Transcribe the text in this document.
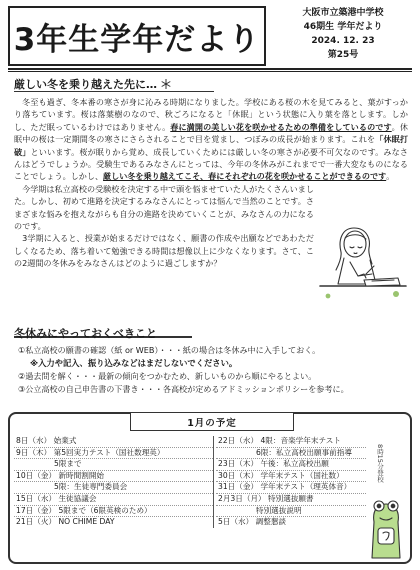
3年生学年だより
大阪市立築港中学校
46期生 学年だより
2024. 12. 23
第25号
厳しい冬を乗り越えた先に…

冬至も過ぎ、冬本番の寒さが身に沁みる時期になりました。学校にある桜の木を見てみると、葉がすっかり落ちています。桜は落葉樹のなので、秋ごろになると「休眠」という状態に入り葉を落とします。しかし、ただ眠っているわけではありません。春に満開の美しい花を咲かせるための準備をしているのです。休眠中の桜は一定期間冬の寒さにさらされることで目を覚まし、つぼみの成長が始まります。これを「休眠打破」といいます。桜が眠りから覚め、成長していくためには厳しい冬の寒さが必要不可欠なのです。みなさんはどうでしょうか。受験生であるみなさんにとっては、今年の冬休みがこれまでで一番大変なものになることでしょう。しかし、厳しい冬を乗り越えてこそ、春にそれぞれの花を咲かせることができるのです。

今学期は私立高校の受験校を決定する中で頭を悩ませていた人がたくさんいました。しかし、初めて進路を決定するみなさんにとっては悩んで当然のことです。さまざまな悩みを抱えながらも自分の進路を決めていくことが、みなさんの力になるのです。

3学期に入ると、授業が始まるだけではなく、願書の作成や出願などであわただしくなるため、落ち着いて勉強できる時間は想像以上に少なくなります。さて、この2週間の冬休みをみなさんはどのように過ごしますか？

冬休みにやっておくべきこと
①私立高校の願書の確認（紙 or WEB）・・・紙の場合は冬休み中に入手しておく。
※入力や記入、振り込みなどはまだしないでください。
②過去問を解く・・・最新の傾向をつかむため、新しいものから順にやるとよい。
③公立高校の自己申告書の下書き・・・各高校が定めるアドミッションポリシーを参考に。
1月の予定
8日（水） 始業式
9日（木） 第5回実力テスト（国社数理英）
5限まで
10日（金） 新時間割開始
5限：生徒専門委員会
15日（水） 生徒協議会
17日（金） 5限まで（6限英検のため）
21日（火） NO CHIME DAY
22日（水） 4限：音楽学年末テスト
6限：私立高校出願事前指導
23日（木） 午後：私立高校出願
30日（木） 学年末テスト（国社数）
31日（金） 学年末テスト（理英体音）
2月3日（月） 特別選抜願書
特別選抜説明
5日（水） 調整懇談
8時15分登校
